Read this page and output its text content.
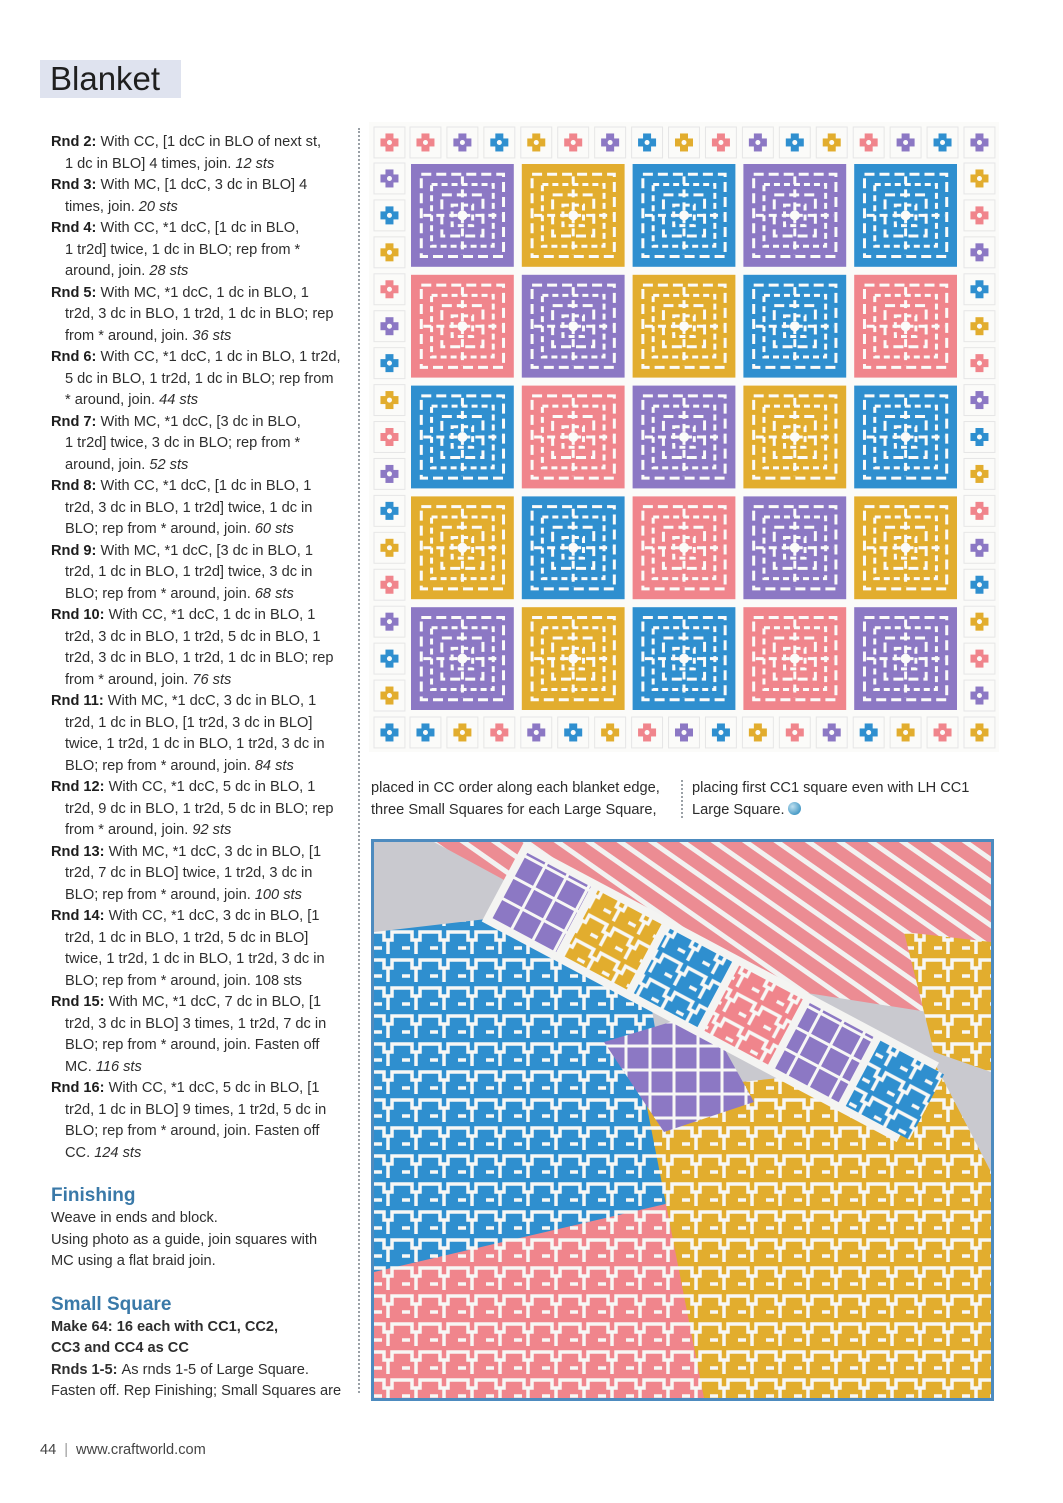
Blanket
Rnd 2: With CC, [1 dcC in BLO of next st,
1 dc in BLO] 4 times, join. 12 sts
Rnd 3: With MC, [1 dcC, 3 dc in BLO] 4
times, join. 20 sts
Rnd 4: With CC, *1 dcC, [1 dc in BLO,
1 tr2d] twice, 1 dc in BLO; rep from *
around, join. 28 sts
Rnd 5: With MC, *1 dcC, 1 dc in BLO, 1
tr2d, 3 dc in BLO, 1 tr2d, 1 dc in BLO; rep
from * around, join. 36 sts
Rnd 6: With CC, *1 dcC, 1 dc in BLO, 1 tr2d,
5 dc in BLO, 1 tr2d, 1 dc in BLO; rep from
* around, join. 44 sts
Rnd 7: With MC, *1 dcC, [3 dc in BLO,
1 tr2d] twice, 3 dc in BLO; rep from *
around, join. 52 sts
Rnd 8: With CC, *1 dcC, [1 dc in BLO, 1
tr2d, 3 dc in BLO, 1 tr2d] twice, 1 dc in
BLO; rep from * around, join. 60 sts
Rnd 9: With MC, *1 dcC, [3 dc in BLO, 1
tr2d, 1 dc in BLO, 1 tr2d] twice, 3 dc in
BLO; rep from * around, join. 68 sts
Rnd 10: With CC, *1 dcC, 1 dc in BLO, 1
tr2d, 3 dc in BLO, 1 tr2d, 5 dc in BLO, 1
tr2d, 3 dc in BLO, 1 tr2d, 1 dc in BLO; rep
from * around, join. 76 sts
Rnd 11: With MC, *1 dcC, 3 dc in BLO, 1
tr2d, 1 dc in BLO, [1 tr2d, 3 dc in BLO]
twice, 1 tr2d, 1 dc in BLO, 1 tr2d, 3 dc in
BLO; rep from * around, join. 84 sts
Rnd 12: With CC, *1 dcC, 5 dc in BLO, 1
tr2d, 9 dc in BLO, 1 tr2d, 5 dc in BLO; rep
from * around, join. 92 sts
Rnd 13: With MC, *1 dcC, 3 dc in BLO, [1
tr2d, 7 dc in BLO] twice, 1 tr2d, 3 dc in
BLO; rep from * around, join. 100 sts
Rnd 14: With CC, *1 dcC, 3 dc in BLO, [1
tr2d, 1 dc in BLO, 1 tr2d, 5 dc in BLO]
twice, 1 tr2d, 1 dc in BLO, 1 tr2d, 3 dc in
BLO; rep from * around, join. 108 sts
Rnd 15: With MC, *1 dcC, 7 dc in BLO, [1
tr2d, 3 dc in BLO] 3 times, 1 tr2d, 7 dc in
BLO; rep from * around, join. Fasten off
MC. 116 sts
Rnd 16: With CC, *1 dcC, 5 dc in BLO, [1
tr2d, 1 dc in BLO] 9 times, 1 tr2d, 5 dc in
BLO; rep from * around, join. Fasten off
CC. 124 sts
Finishing
Weave in ends and block.
Using photo as a guide, join squares with
MC using a flat braid join.
Small Square
Make 64: 16 each with CC1, CC2,
CC3 and CC4 as CC
Rnds 1-5: As rnds 1-5 of Large Square.
Fasten off. Rep Finishing; Small Squares are
placed in CC order along each blanket edge,
three Small Squares for each Large Square,
placing first CC1 square even with LH CC1
Large Square.
44 | www.craftworld.com
